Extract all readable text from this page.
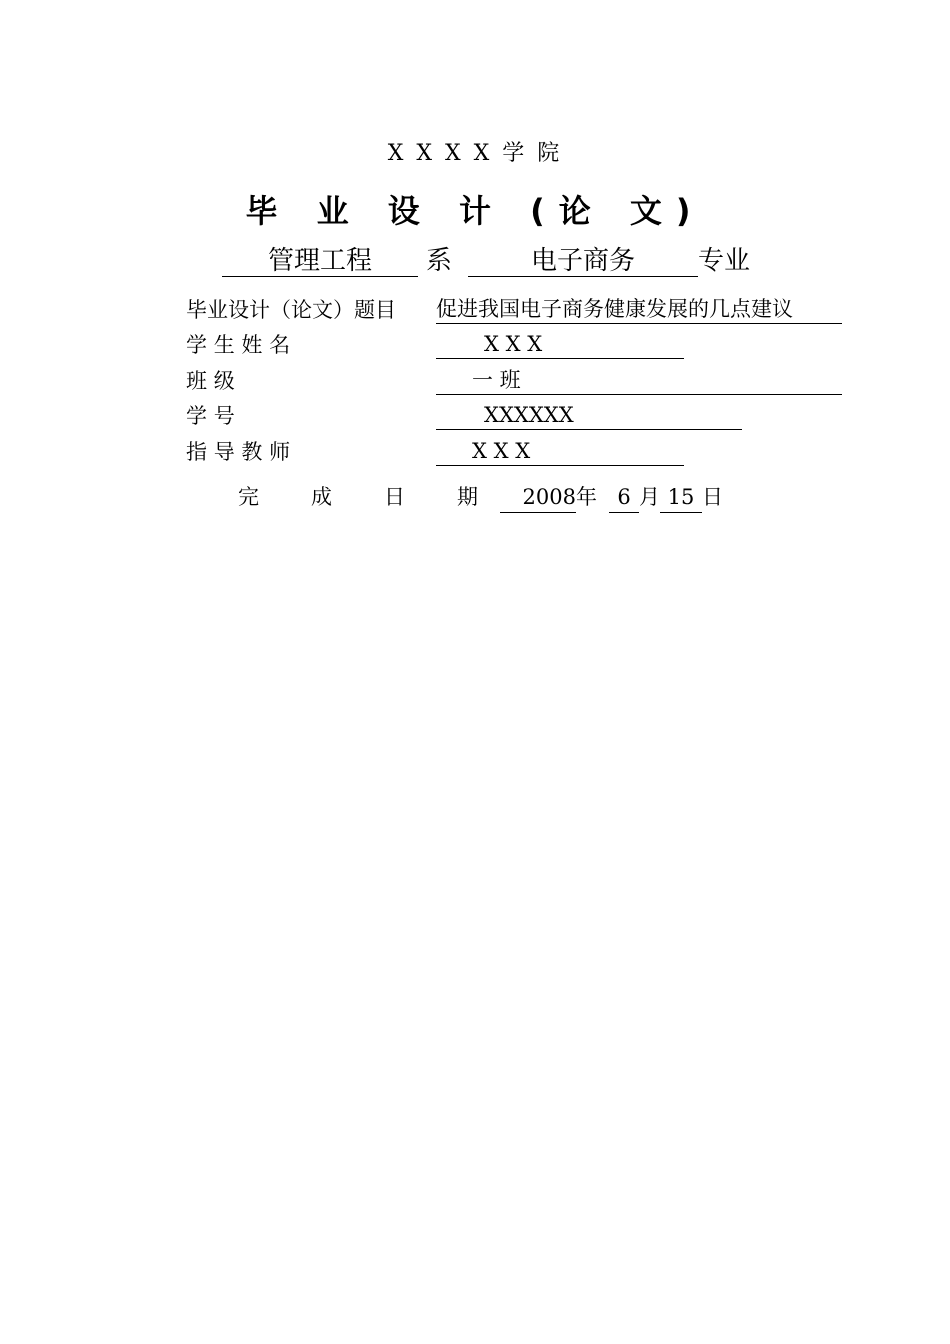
X X X X 学 院
毕 业 设 计 (论 文)
管理工程 系	电子商务 专业
毕业设计（论文）题目 促进我国电子商务健康发展的几点建议
学 生 姓 名	X X X
班 级	一 班
学 号	XXXXXX
指 导 教 师	X X X
完 成 日 期 2008年 6 月 15 日
